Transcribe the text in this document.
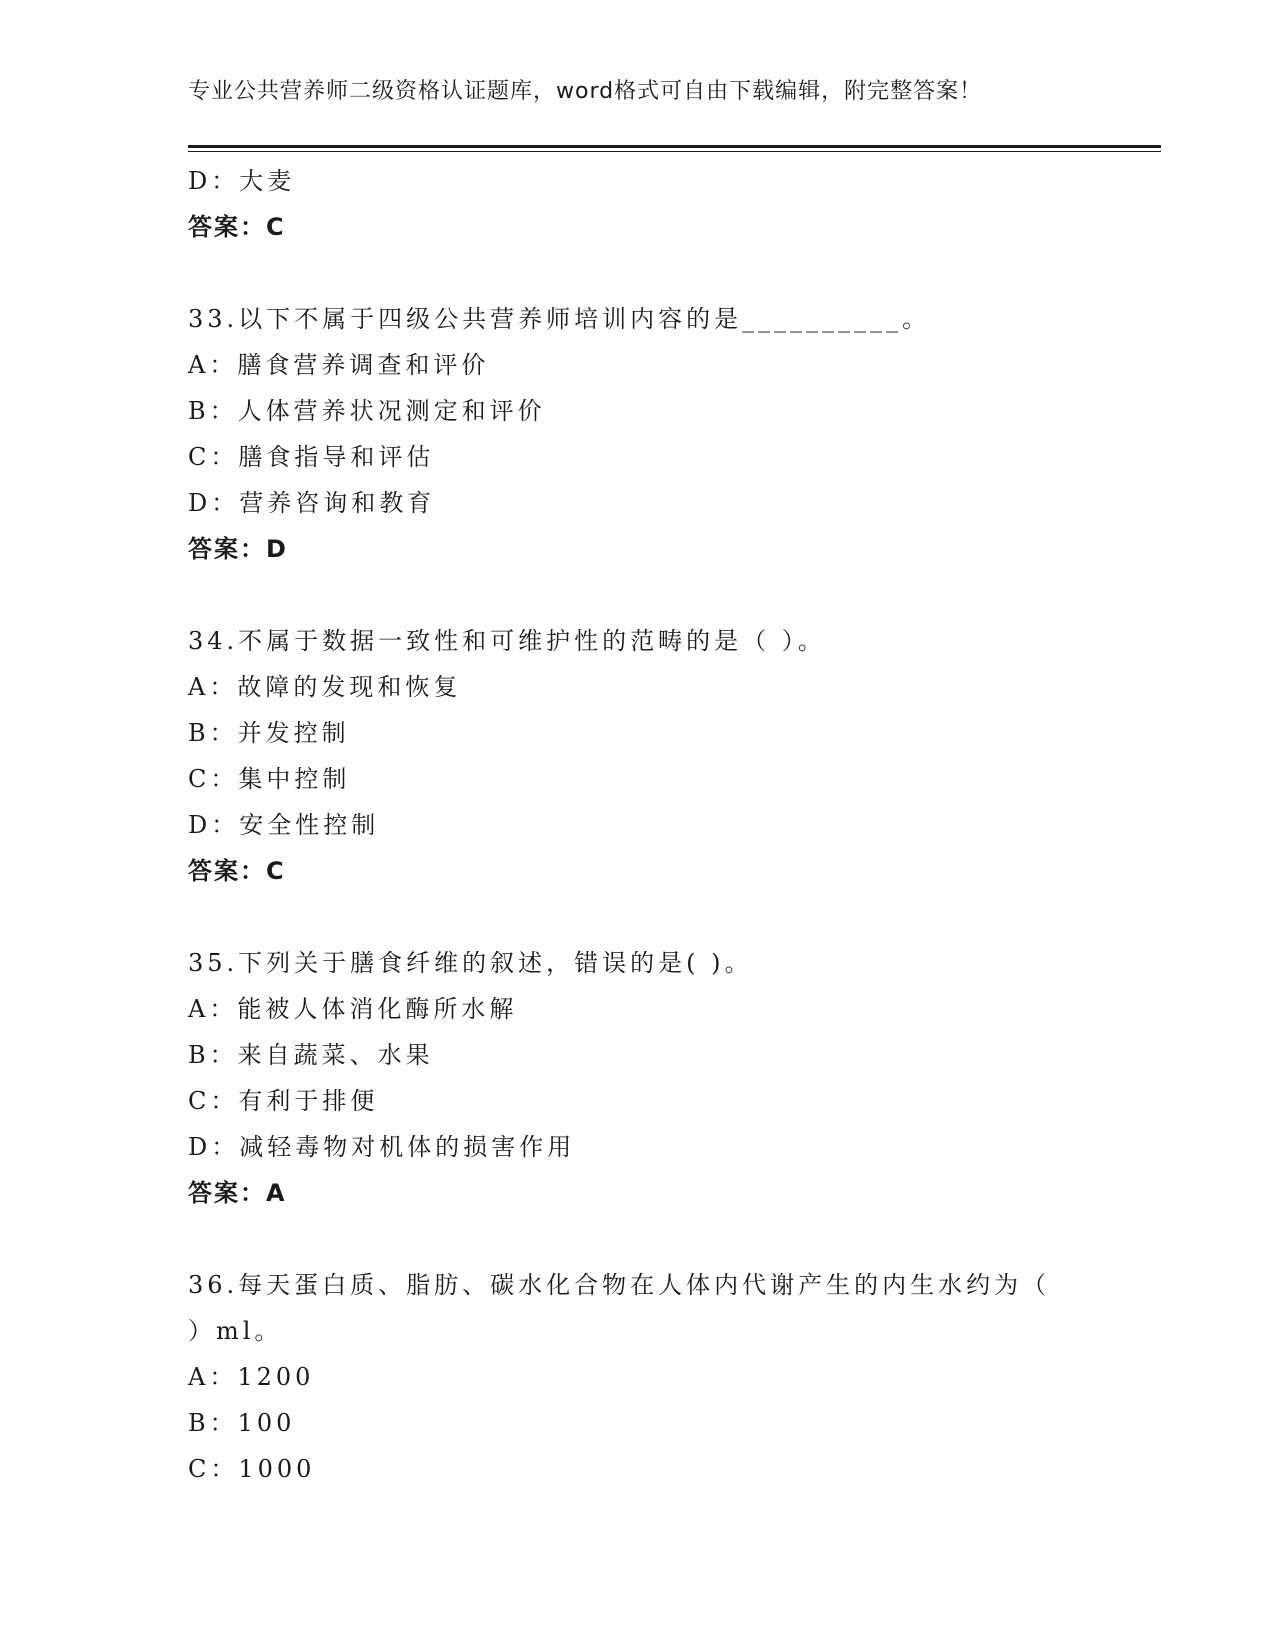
专业公共营养师二级资格认证题库，word格式可自由下载编辑，附完整答案！
D：大麦
答案：C
33.以下不属于四级公共营养师培训内容的是__________。
A：膳食营养调查和评价
B：人体营养状况测定和评价
C：膳食指导和评估
D：营养咨询和教育
答案：D
34.不属于数据一致性和可维护性的范畴的是（ ）。
A：故障的发现和恢复
B：并发控制
C：集中控制
D：安全性控制
答案：C
35.下列关于膳食纤维的叙述，错误的是( )。
A：能被人体消化酶所水解
B：来自蔬菜、水果
C：有利于排便
D：减轻毒物对机体的损害作用
答案：A
36.每天蛋白质、脂肪、碳水化合物在人体内代谢产生的内生水约为（
）ml。
A：1200
B：100
C：1000
